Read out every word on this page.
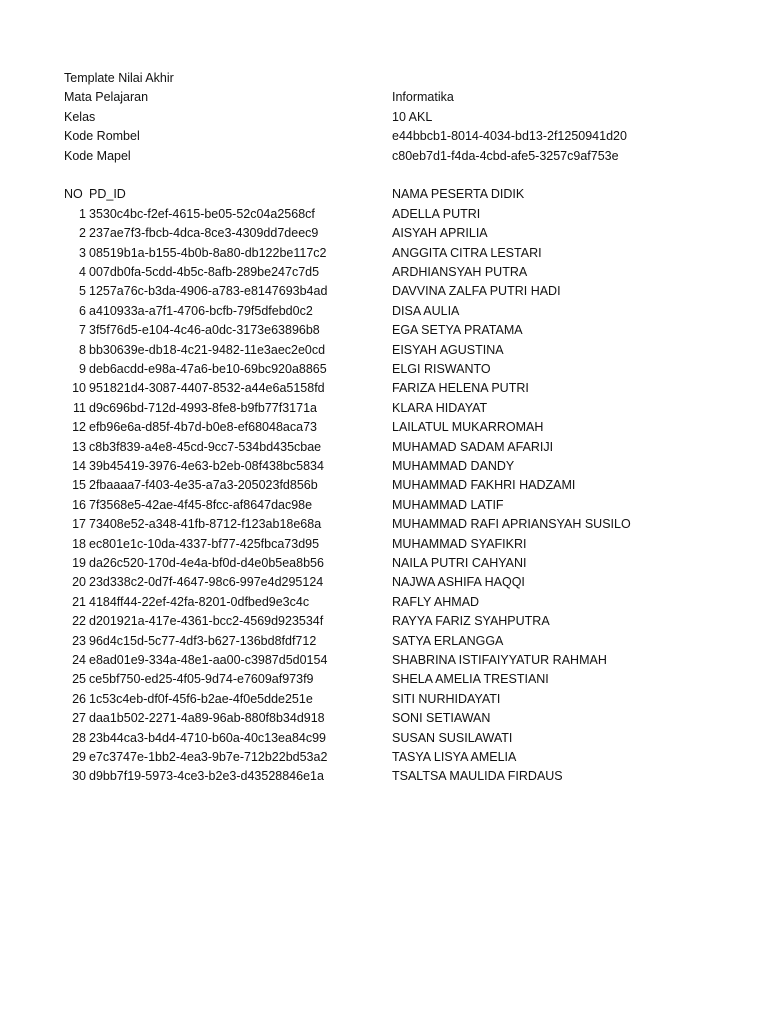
Template Nilai Akhir
Mata Pelajaran	Informatika
Kelas	10 AKL
Kode Rombel	e44bbcb1-8014-4034-bd13-2f1250941d20
Kode Mapel	c80eb7d1-f4da-4cbd-afe5-3257c9af753e
NO PD_ID	NAMA PESERTA DIDIK
1 3530c4bc-f2ef-4615-be05-52c04a2568cf	ADELLA PUTRI
2 237ae7f3-fbcb-4dca-8ce3-4309dd7deec9	AISYAH APRILIA
3 08519b1a-b155-4b0b-8a80-db122be117c2	ANGGITA CITRA LESTARI
4 007db0fa-5cdd-4b5c-8afb-289be247c7d5	ARDHIANSYAH PUTRA
5 1257a76c-b3da-4906-a783-e8147693b4ad	DAVVINA ZALFA PUTRI HADI
6 a410933a-a7f1-4706-bcfb-79f5dfebd0c2	DISA AULIA
7 3f5f76d5-e104-4c46-a0dc-3173e63896b8	EGA SETYA PRATAMA
8 bb30639e-db18-4c21-9482-11e3aec2e0cd	EISYAH AGUSTINA
9 deb6acdd-e98a-47a6-be10-69bc920a8865	ELGI RISWANTO
10 951821d4-3087-4407-8532-a44e6a5158fd	FARIZA HELENA PUTRI
11 d9c696bd-712d-4993-8fe8-b9fb77f3171a	KLARA HIDAYAT
12 efb96e6a-d85f-4b7d-b0e8-ef68048aca73	LAILATUL MUKARROMAH
13 c8b3f839-a4e8-45cd-9cc7-534bd435cbae	MUHAMAD SADAM AFARIJI
14 39b45419-3976-4e63-b2eb-08f438bc5834	MUHAMMAD DANDY
15 2fbaaaa7-f403-4e35-a7a3-205023fd856b	MUHAMMAD FAKHRI HADZAMI
16 7f3568e5-42ae-4f45-8fcc-af8647dac98e	MUHAMMAD LATIF
17 73408e52-a348-41fb-8712-f123ab18e68a	MUHAMMAD RAFI APRIANSYAH SUSILO
18 ec801e1c-10da-4337-bf77-425fbca73d95	MUHAMMAD SYAFIKRI
19 da26c520-170d-4e4a-bf0d-d4e0b5ea8b56	NAILA PUTRI CAHYANI
20 23d338c2-0d7f-4647-98c6-997e4d295124	NAJWA ASHIFA HAQQI
21 4184ff44-22ef-42fa-8201-0dfbed9e3c4c	RAFLY AHMAD
22 d201921a-417e-4361-bcc2-4569d923534f	RAYYA FARIZ SYAHPUTRA
23 96d4c15d-5c77-4df3-b627-136bd8fdf712	SATYA ERLANGGA
24 e8ad01e9-334a-48e1-aa00-c3987d5d0154	SHABRINA ISTIFAIYYATUR RAHMAH
25 ce5bf750-ed25-4f05-9d74-e7609af973f9	SHELA AMELIA TRESTIANI
26 1c53c4eb-df0f-45f6-b2ae-4f0e5dde251e	SITI NURHIDAYATI
27 daa1b502-2271-4a89-96ab-880f8b34d918	SONI SETIAWAN
28 23b44ca3-b4d4-4710-b60a-40c13ea84c99	SUSAN SUSILAWATI
29 e7c3747e-1bb2-4ea3-9b7e-712b22bd53a2	TASYA LISYA AMELIA
30 d9bb7f19-5973-4ce3-b2e3-d43528846e1a	TSALTSA MAULIDA FIRDAUS
